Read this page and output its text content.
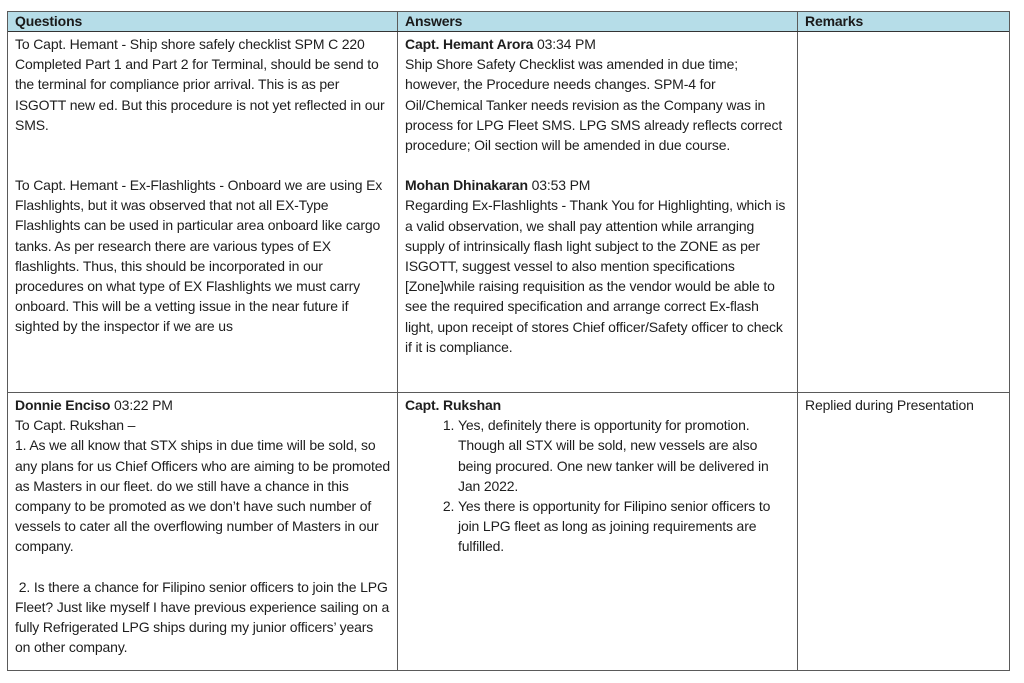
Questions	Answers	Remarks

To Capt. Hemant - Ship shore safely checklist SPM C 220 Completed Part 1 and Part 2 for Terminal, should be send to the terminal for compliance prior arrival. This is as per ISGOTT new ed. But this procedure is not yet reflected in our SMS.

To Capt. Hemant - Ex-Flashlights - Onboard we are using Ex Flashlights, but it was observed that not all EX-Type Flashlights can be used in particular area onboard like cargo tanks. As per research there are various types of EX flashlights. Thus, this should be incorporated in our procedures on what type of EX Flashlights we must carry onboard. This will be a vetting issue in the near future if sighted by the inspector if we are us

Capt. Hemant Arora 03:34 PM

Ship Shore Safety Checklist was amended in due time; however, the Procedure needs changes. SPM-4 for Oil/Chemical Tanker needs revision as the Company was in process for LPG Fleet SMS. LPG SMS already reflects correct procedure; Oil section will be amended in due course.

Mohan Dhinakaran 03:53 PM

Regarding Ex-Flashlights - Thank You for Highlighting, which is a valid observation, we shall pay attention while arranging supply of intrinsically flash light subject to the ZONE as per ISGOTT, suggest vessel to also mention specifications [Zone]while raising requisition as the vendor would be able to see the required specification and arrange correct Ex-flash light, upon receipt of stores Chief officer/Safety officer to check if it is compliance.

Donnie Enciso 03:22 PM

To Capt. Rukshan –

1. As we all know that STX ships in due time will be sold, so any plans for us Chief Officers who are aiming to be promoted as Masters in our fleet. do we still have a chance in this company to be promoted as we don’t have such number of vessels to cater all the overflowing number of Masters in our company.

2. Is there a chance for Filipino senior officers to join the LPG Fleet? Just like myself I have previous experience sailing on a fully Refrigerated LPG ships during my junior officers’ years on other company.

Capt. Rukshan

1. Yes, definitely there is opportunity for promotion. Though all STX will be sold, new vessels are also being procured. One new tanker will be delivered in Jan 2022.
2. Yes there is opportunity for Filipino senior officers to join LPG fleet as long as joining requirements are fulfilled.
Replied during Presentation
